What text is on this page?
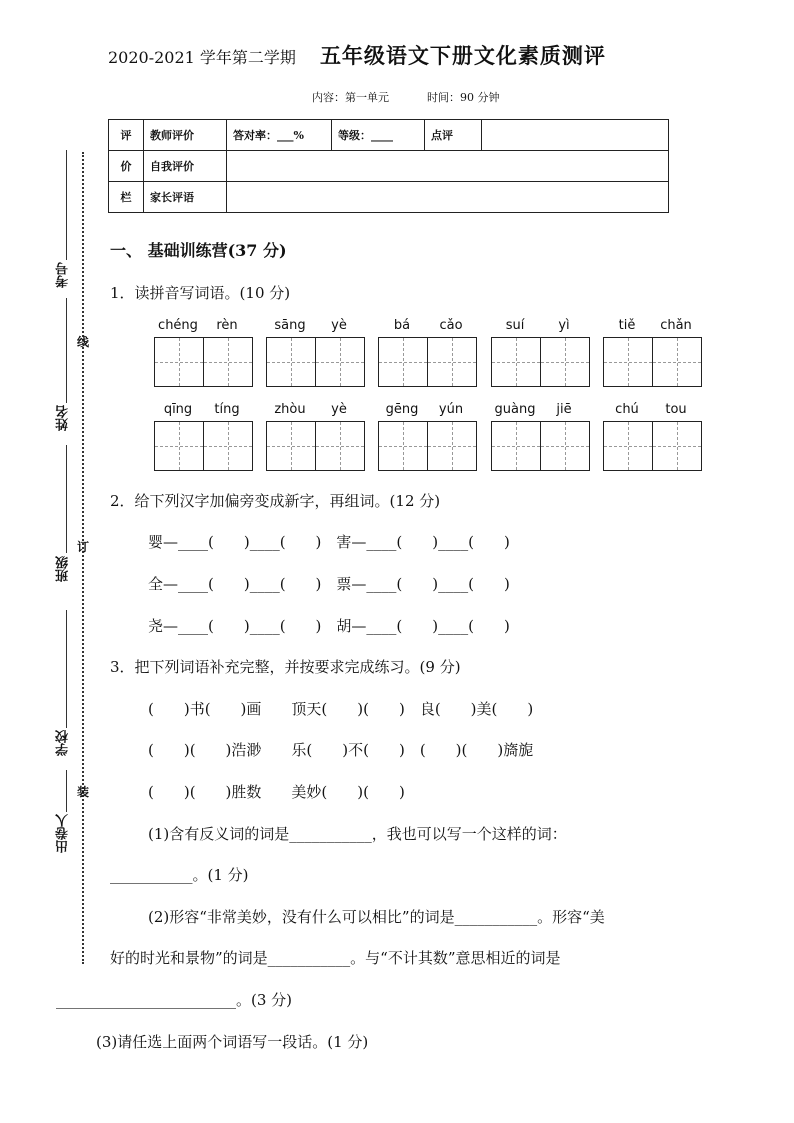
2020-2021 学年第二学期 五年级语文下册文化素质测评
内容：第一单元	时间：90 分钟
评	教师评价	答对率：___%	等级：____	点评	
价	自我评价				
栏	家长评语				
考号
姓名
班级
学校
出卷人
线
订
装
一、 基础训练营(37 分)
1．读拼音写词语。(10 分)
chéng	rèn	sāng	yè	bá	cǎo	suí	yì	tiě	chǎn
qīng	tíng	zhòu	yè	gēng	yún	guàng	jiē	chú	tou
2．给下列汉字加偏旁变成新字，再组词。(12 分)
婴—____(　　)____(　　)　害—____(　　)____(　　)
全—____(　　)____(　　)　票—____(　　)____(　　)
尧—____(　　)____(　　)　胡—____(　　)____(　　)
3．把下列词语补充完整，并按要求完成练习。(9 分)
(　　)书(　　)画　　顶天(　　)(　　)　良(　　)美(　　)
(　　)(　　)浩渺　　乐(　　)不(　　)　(　　)(　　)旖旎
(　　)(　　)胜数　　美妙(　　)(　　)
(1)含有反义词的词是___________，我也可以写一个这样的词：
___________。(1 分)
(2)形容“非常美妙，没有什么可以相比”的词是___________。形容“美
好的时光和景物”的词是___________。与“不计其数”意思相近的词是
________________________。(3 分)
(3)请任选上面两个词语写一段话。(1 分)
